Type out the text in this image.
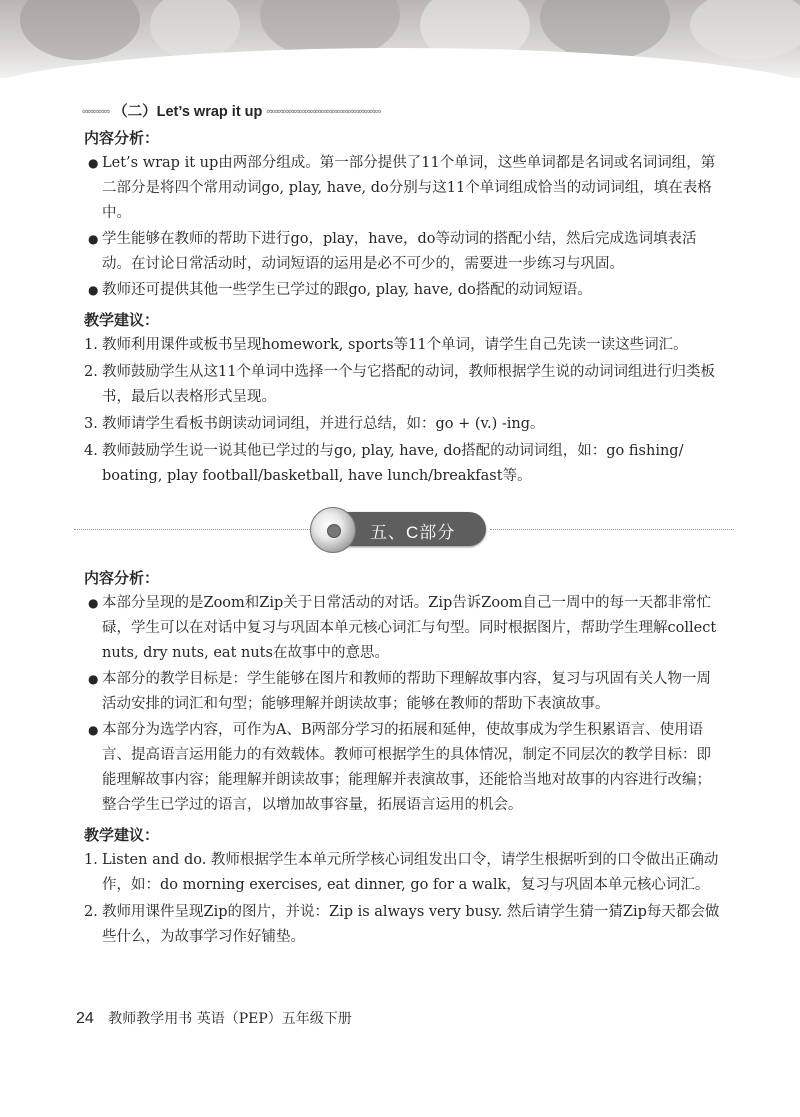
∞∞∞∞∞ （二）Let’s wrap it up ∞∞∞∞∞∞∞∞∞∞∞∞∞∞∞∞∞∞∞∞∞
内容分析：
● Let’s wrap it up由两部分组成。第一部分提供了11个单词，这些单词都是名词或名词词组，第二部分是将四个常用动词go, play, have, do分别与这11个单词组成恰当的动词词组，填在表格中。
● 学生能够在教师的帮助下进行go，play，have，do等动词的搭配小结，然后完成选词填表活动。在讨论日常活动时，动词短语的运用是必不可少的，需要进一步练习与巩固。
● 教师还可提供其他一些学生已学过的跟go, play, have, do搭配的动词短语。
教学建议：
1. 教师利用课件或板书呈现homework, sports等11个单词，请学生自己先读一读这些词汇。
2. 教师鼓励学生从这11个单词中选择一个与它搭配的动词，教师根据学生说的动词词组进行归类板书，最后以表格形式呈现。
3. 教师请学生看板书朗读动词词组，并进行总结，如：go + (v.) -ing。
4. 教师鼓励学生说一说其他已学过的与go, play, have, do搭配的动词词组，如：go fishing/ boating, play football/basketball, have lunch/breakfast等。
五、C部分
内容分析：
● 本部分呈现的是Zoom和Zip关于日常活动的对话。Zip告诉Zoom自己一周中的每一天都非常忙碌，学生可以在对话中复习与巩固本单元核心词汇与句型。同时根据图片，帮助学生理解collect nuts, dry nuts, eat nuts在故事中的意思。
● 本部分的教学目标是：学生能够在图片和教师的帮助下理解故事内容，复习与巩固有关人物一周活动安排的词汇和句型；能够理解并朗读故事；能够在教师的帮助下表演故事。
● 本部分为选学内容，可作为A、B两部分学习的拓展和延伸，使故事成为学生积累语言、使用语言、提高语言运用能力的有效载体。教师可根据学生的具体情况，制定不同层次的教学目标：即能理解故事内容；能理解并朗读故事；能理解并表演故事，还能恰当地对故事的内容进行改编；整合学生已学过的语言，以增加故事容量，拓展语言运用的机会。
教学建议：
1. Listen and do. 教师根据学生本单元所学核心词组发出口令，请学生根据听到的口令做出正确动作，如：do morning exercises, eat dinner, go for a walk，复习与巩固本单元核心词汇。
2. 教师用课件呈现Zip的图片，并说：Zip is always very busy. 然后请学生猜一猜Zip每天都会做些什么，为故事学习作好铺垫。
24 教师教学用书 英语（PEP）五年级下册
